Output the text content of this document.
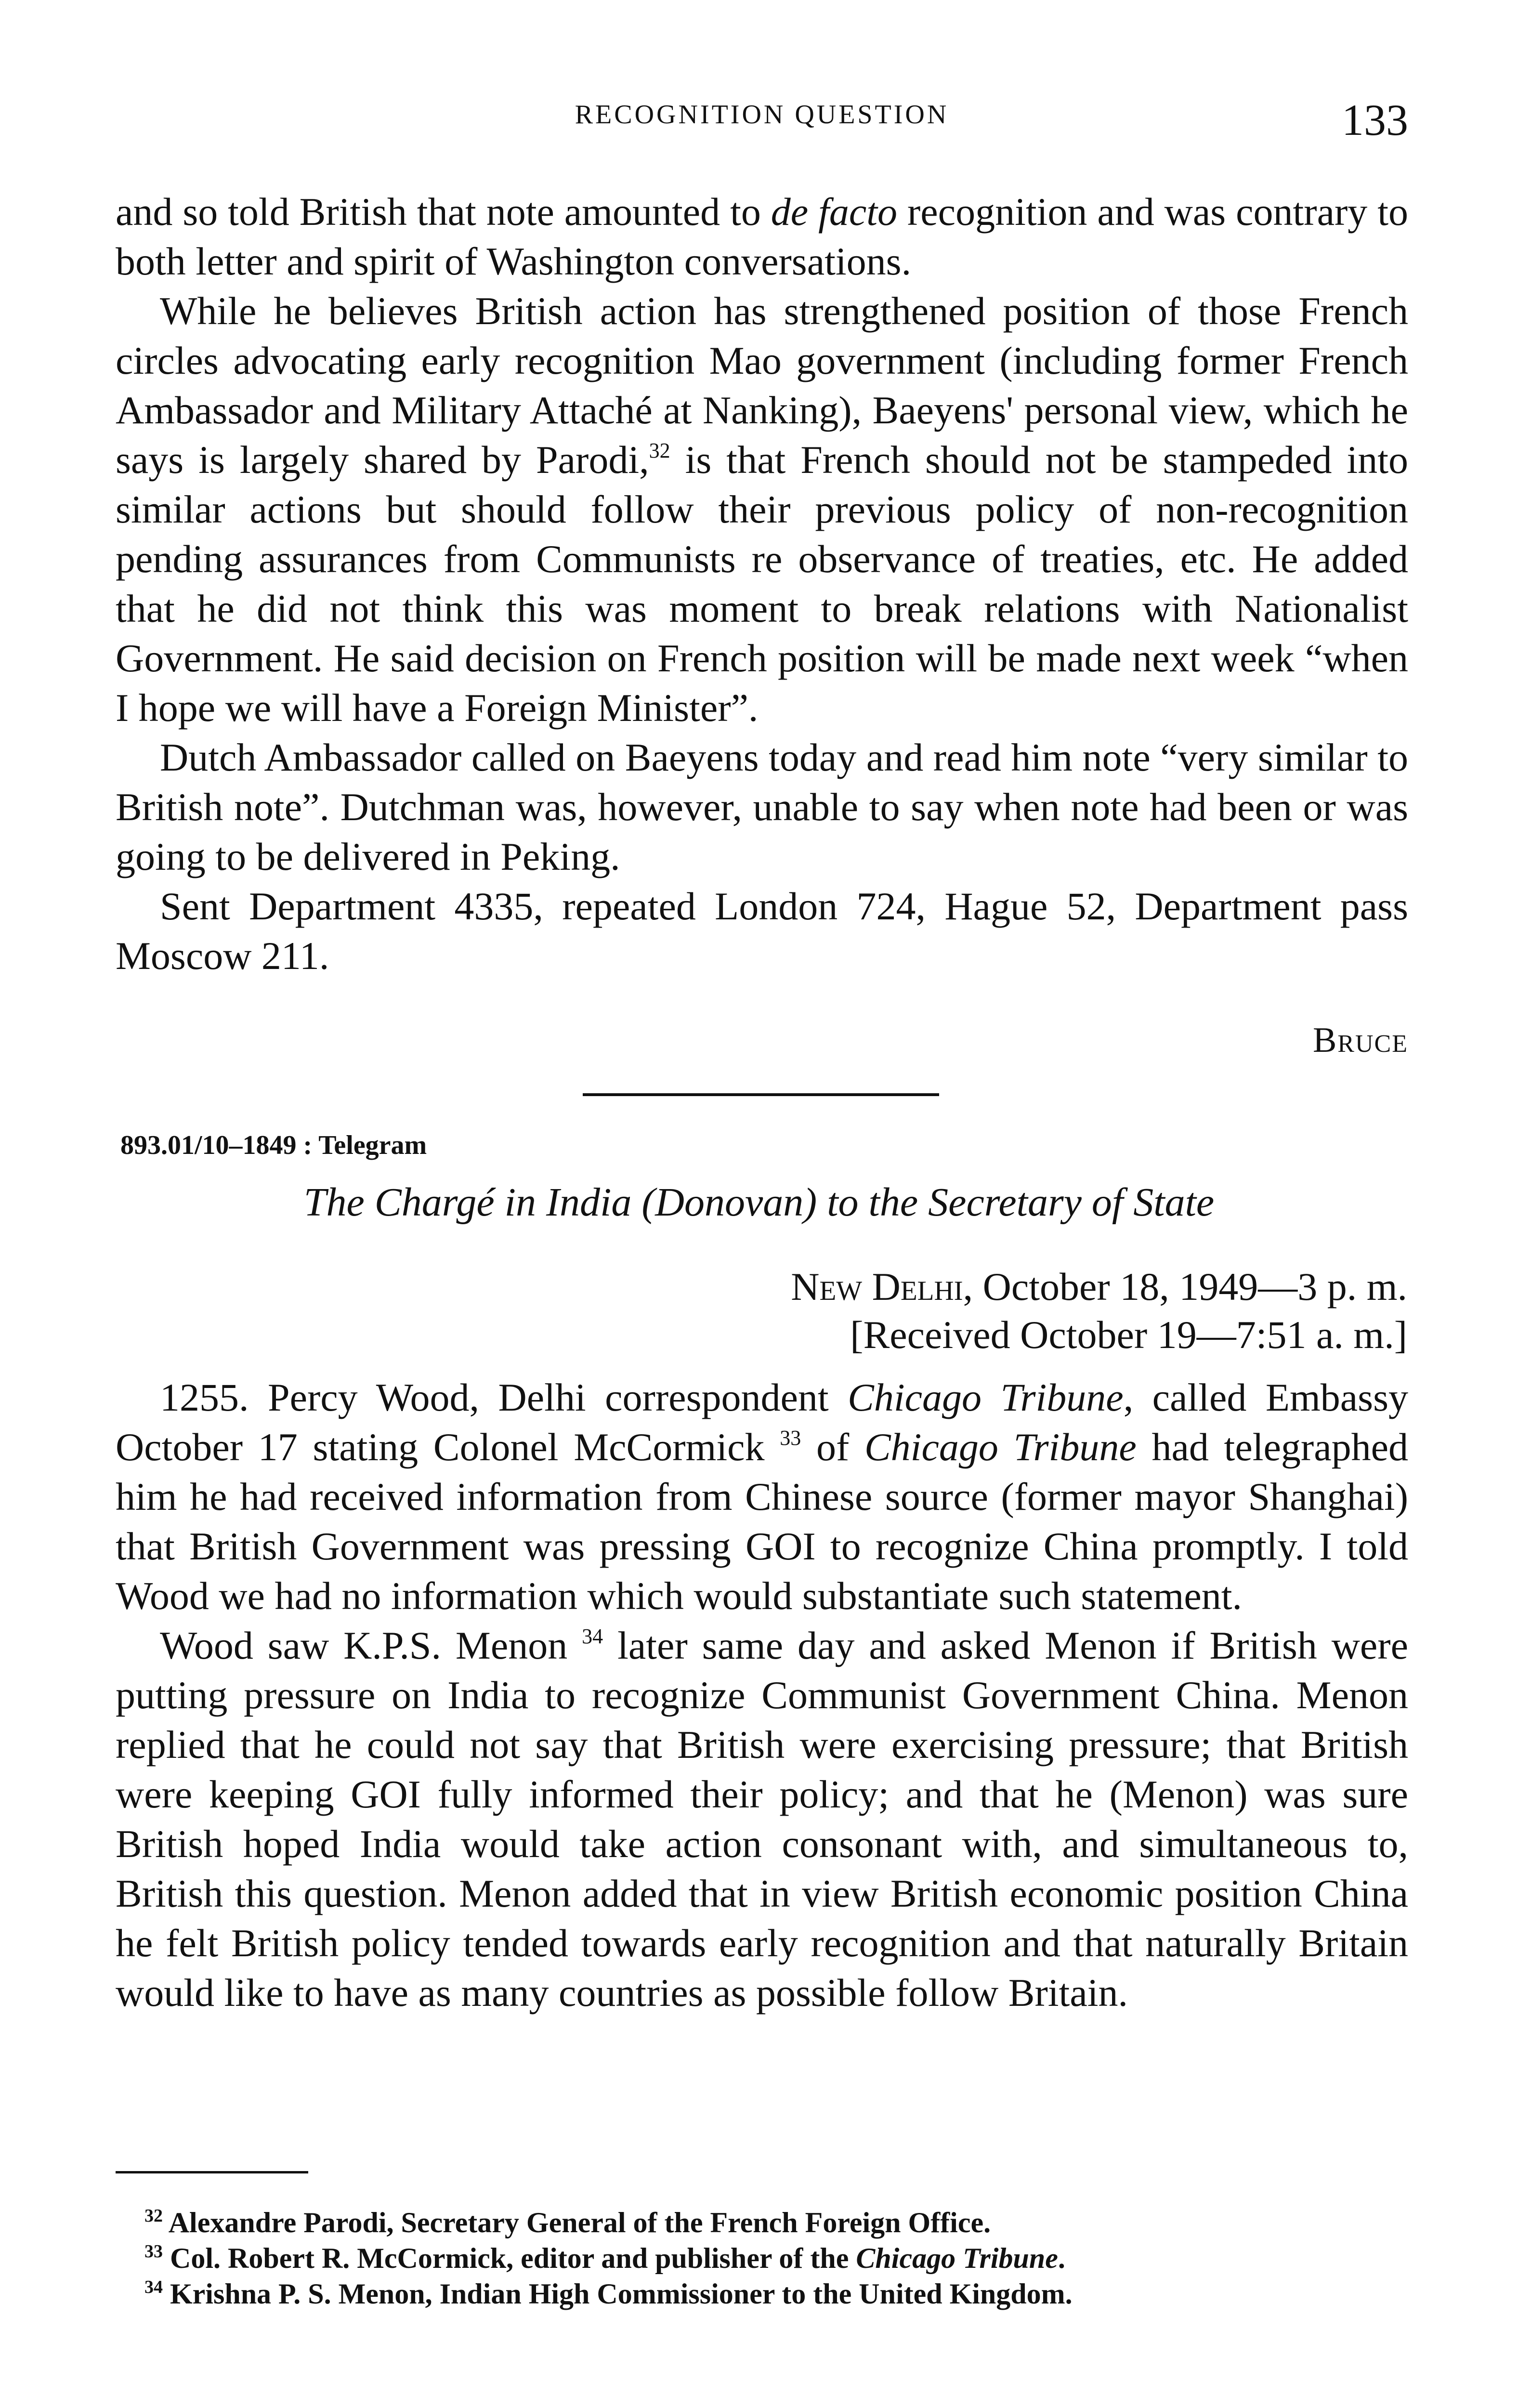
RECOGNITION QUESTION	133

and so told British that note amounted to de facto recognition and was contrary to both letter and spirit of Washington conversations.

While he believes British action has strengthened position of those French circles advocating early recognition Mao government (including former French Ambassador and Military Attaché at Nanking), Baeyens' personal view, which he says is largely shared by Parodi,$^{32}$ is that French should not be stampeded into similar actions but should follow their previous policy of non-recognition pending assurances from Communists re observance of treaties, etc. He added that he did not think this was moment to break relations with Nationalist Government. He said decision on French position will be made next week “when I hope we will have a Foreign Minister”.

Dutch Ambassador called on Baeyens today and read him note “very similar to British note”. Dutchman was, however, unable to say when note had been or was going to be delivered in Peking.

Sent Department 4335, repeated London 724, Hague 52, Department pass Moscow 211.

Bruce
893.01/10–1849 : Telegram
The Chargé in India (Donovan) to the Secretary of State
New Delhi, October 18, 1949—3 p. m.
[Received October 19—7:51 a. m.]

1255. Percy Wood, Delhi correspondent Chicago Tribune, called Embassy October 17 stating Colonel McCormick $^{33}$ of Chicago Tribune had telegraphed him he had received information from Chinese source (former mayor Shanghai) that British Government was pressing GOI to recognize China promptly. I told Wood we had no information which would substantiate such statement.

Wood saw K.P.S. Menon $^{34}$ later same day and asked Menon if British were putting pressure on India to recognize Communist Government China. Menon replied that he could not say that British were exercising pressure; that British were keeping GOI fully informed their policy; and that he (Menon) was sure British hoped India would take action consonant with, and simultaneous to, British this question. Menon added that in view British economic position China he felt British policy tended towards early recognition and that naturally Britain would like to have as many countries as possible follow Britain.

$^{32}$ Alexandre Parodi, Secretary General of the French Foreign Office.

$^{33}$ Col. Robert R. McCormick, editor and publisher of the Chicago Tribune.

$^{34}$ Krishna P. S. Menon, Indian High Commissioner to the United Kingdom.
